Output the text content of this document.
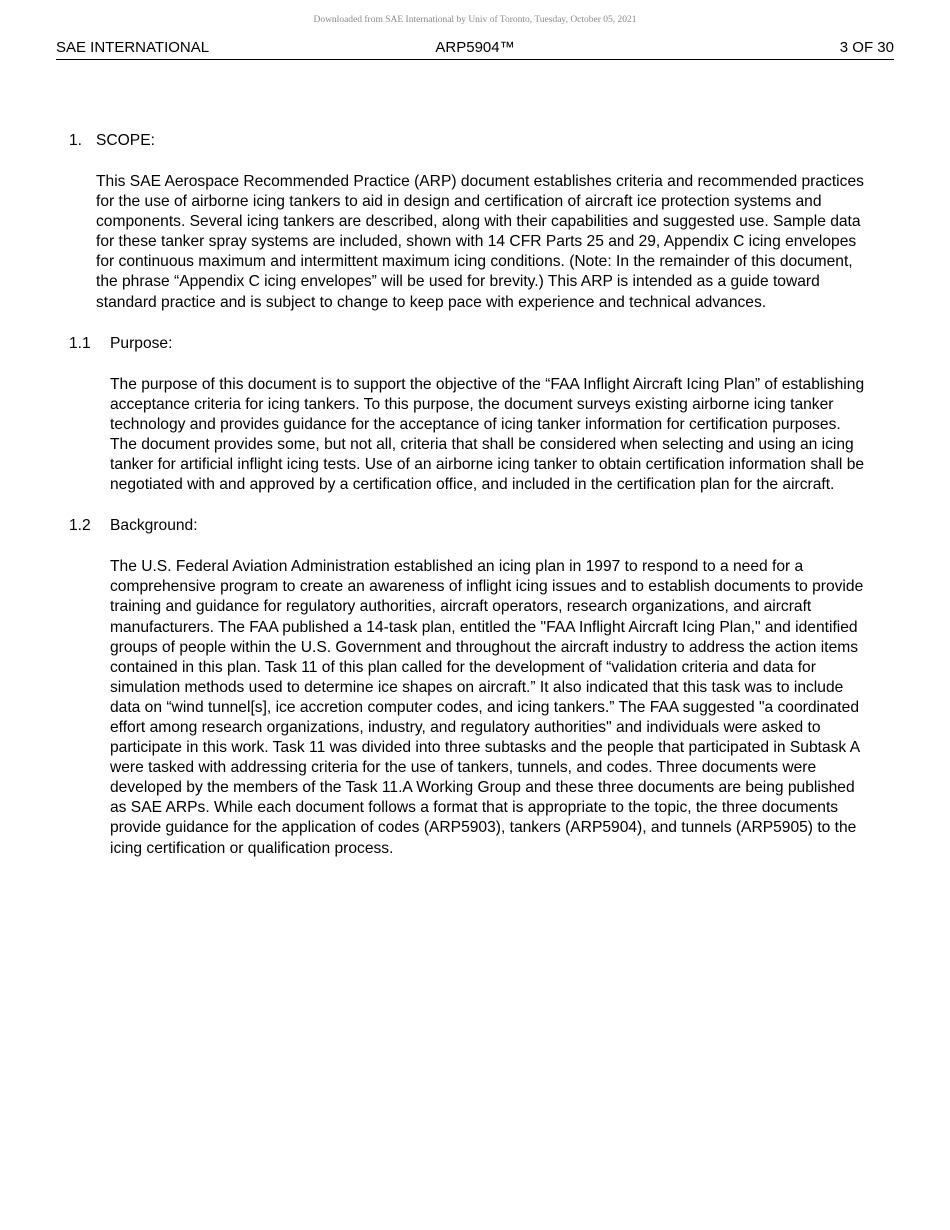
Downloaded from SAE International by Univ of Toronto, Tuesday, October 05, 2021
SAE INTERNATIONAL	ARP5904™	3 OF 30
1. SCOPE:

This SAE Aerospace Recommended Practice (ARP) document establishes criteria and recommended practices for the use of airborne icing tankers to aid in design and certification of aircraft ice protection systems and components. Several icing tankers are described, along with their capabilities and suggested use. Sample data for these tanker spray systems are included, shown with 14 CFR Parts 25 and 29, Appendix C icing envelopes for continuous maximum and intermittent maximum icing conditions. (Note: In the remainder of this document, the phrase “Appendix C icing envelopes” will be used for brevity.) This ARP is intended as a guide toward standard practice and is subject to change to keep pace with experience and technical advances.

1.1 Purpose:

The purpose of this document is to support the objective of the “FAA Inflight Aircraft Icing Plan” of establishing acceptance criteria for icing tankers. To this purpose, the document surveys existing airborne icing tanker technology and provides guidance for the acceptance of icing tanker information for certification purposes. The document provides some, but not all, criteria that shall be considered when selecting and using an icing tanker for artificial inflight icing tests. Use of an airborne icing tanker to obtain certification information shall be negotiated with and approved by a certification office, and included in the certification plan for the aircraft.

1.2 Background:

The U.S. Federal Aviation Administration established an icing plan in 1997 to respond to a need for a comprehensive program to create an awareness of inflight icing issues and to establish documents to provide training and guidance for regulatory authorities, aircraft operators, research organizations, and aircraft manufacturers. The FAA published a 14-task plan, entitled the "FAA Inflight Aircraft Icing Plan," and identified groups of people within the U.S. Government and throughout the aircraft industry to address the action items contained in this plan. Task 11 of this plan called for the development of “validation criteria and data for simulation methods used to determine ice shapes on aircraft.” It also indicated that this task was to include data on “wind tunnel[s], ice accretion computer codes, and icing tankers.” The FAA suggested "a coordinated effort among research organizations, industry, and regulatory authorities" and individuals were asked to participate in this work. Task 11 was divided into three subtasks and the people that participated in Subtask A were tasked with addressing criteria for the use of tankers, tunnels, and codes. Three documents were developed by the members of the Task 11.A Working Group and these three documents are being published as SAE ARPs. While each document follows a format that is appropriate to the topic, the three documents provide guidance for the application of codes (ARP5903), tankers (ARP5904), and tunnels (ARP5905) to the icing certification or qualification process.
